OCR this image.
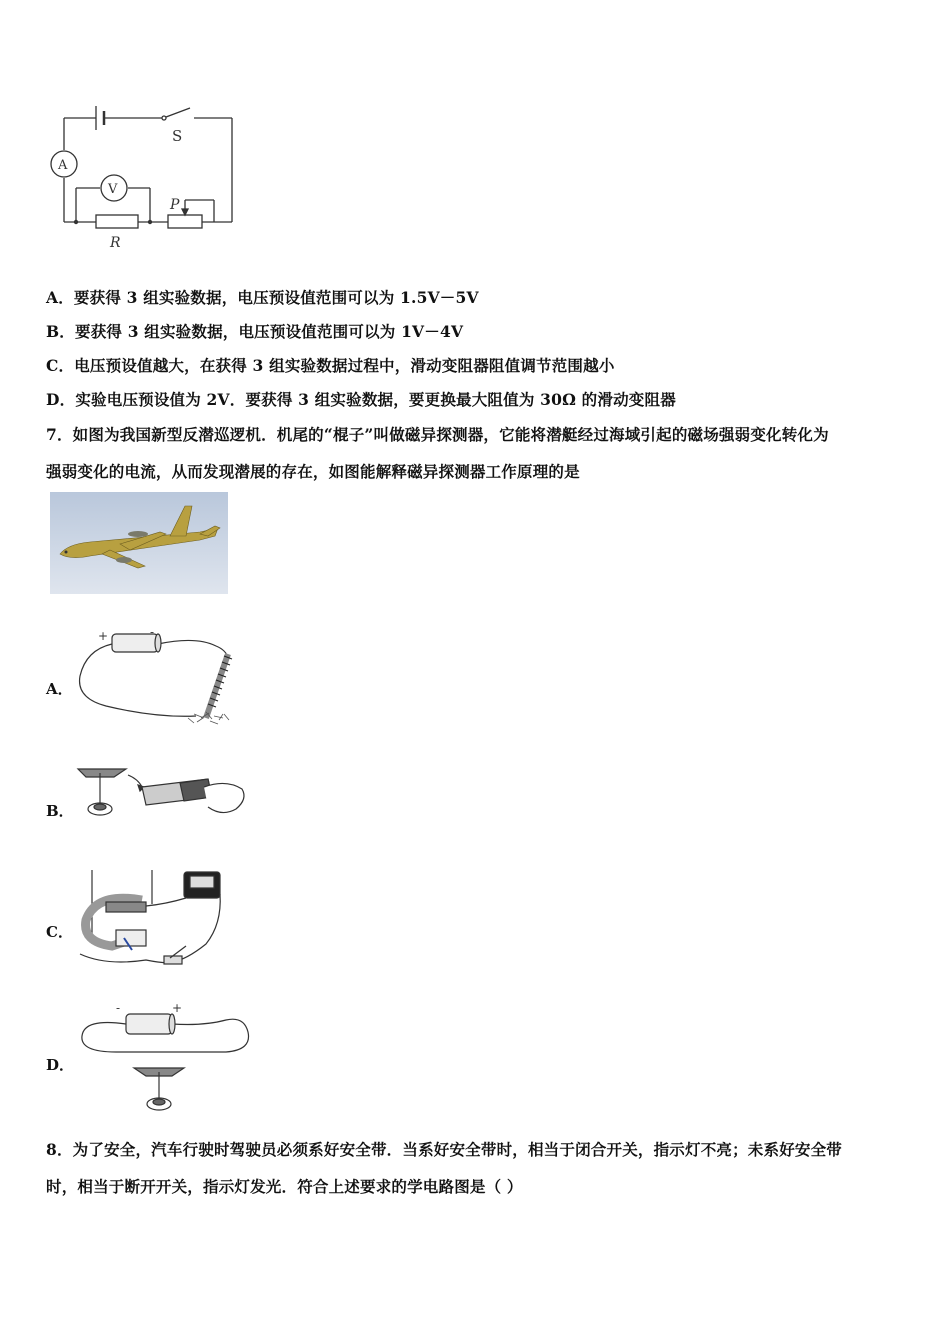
S
A
V
P
R
A．要获得 3 组实验数据，电压预设值范围可以为 1.5V－5V
B．要获得 3 组实验数据，电压预设值范围可以为 1V－4V
C．电压预设值越大，在获得 3 组实验数据过程中，滑动变阻器阻值调节范围越小
D．实验电压预设值为 2V．要获得 3 组实验数据，要更换最大阻值为 30Ω 的滑动变阻器
7．如图为我国新型反潜巡逻机．机尾的“棍子”叫做磁异探测器，它能将潜艇经过海域引起的磁场强弱变化转化为
强弱变化的电流，从而发现潜展的存在，如图能解释磁异探测器工作原理的是
A．
B．
C．
D．
+	-
-	+
8．为了安全，汽车行驶时驾驶员必须系好安全带．当系好安全带时，相当于闭合开关，指示灯不亮；未系好安全带
时，相当于断开开关，指示灯发光．符合上述要求的学电路图是（ ）
